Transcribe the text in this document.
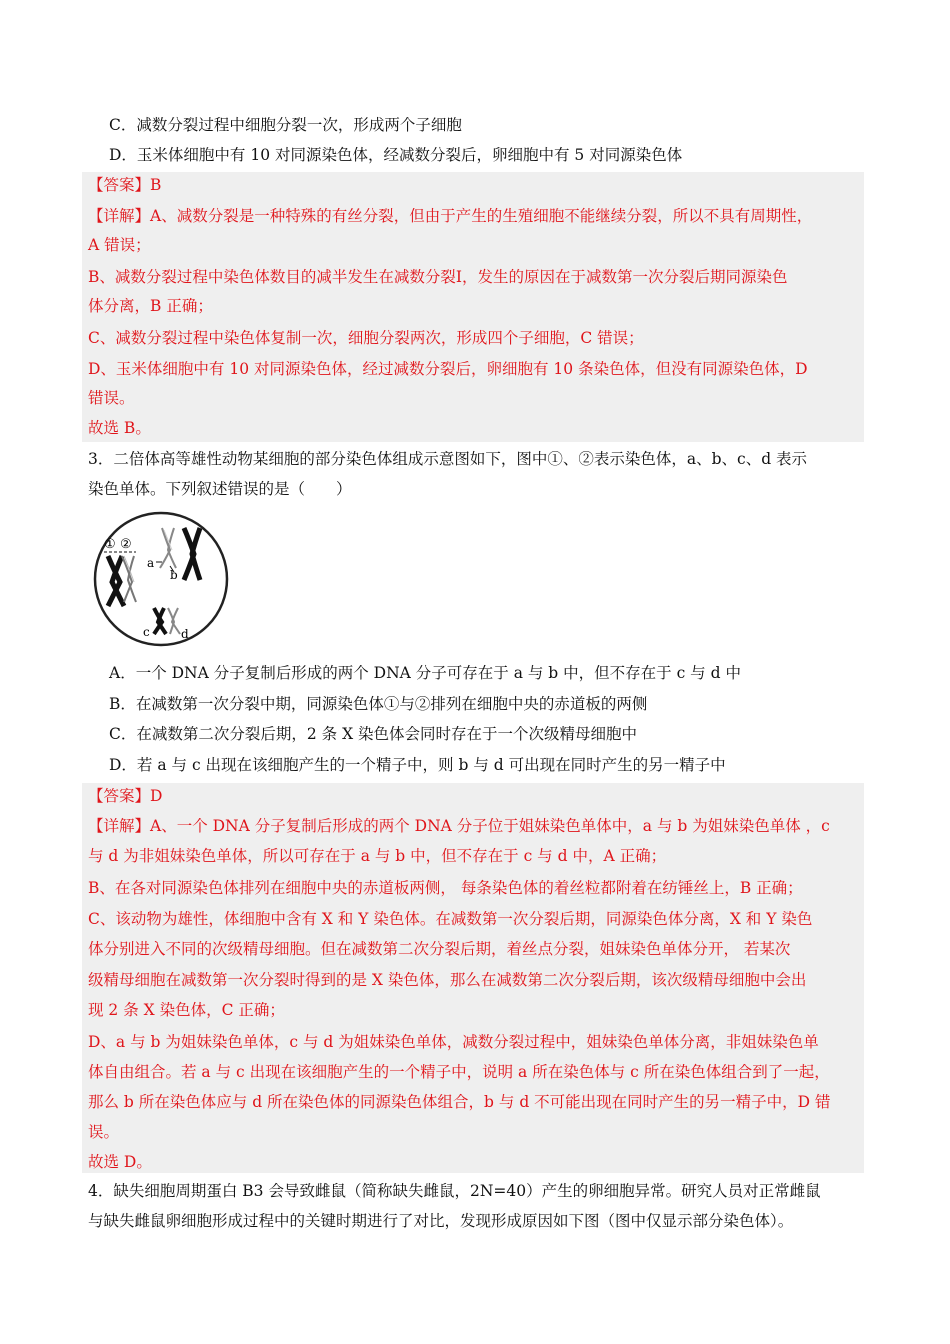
C．减数分裂过程中细胞分裂一次，形成两个子细胞
D．玉米体细胞中有 10 对同源染色体，经减数分裂后，卵细胞中有 5 对同源染色体
【答案】B
【详解】A、减数分裂是一种特殊的有丝分裂，但由于产生的生殖细胞不能继续分裂，所以不具有周期性，
A 错误；
B、减数分裂过程中染色体数目的减半发生在减数分裂Ⅰ，发生的原因在于减数第一次分裂后期同源染色
体分离，B 正确；
C、减数分裂过程中染色体复制一次，细胞分裂两次，形成四个子细胞，C 错误；
D、玉米体细胞中有 10 对同源染色体，经过减数分裂后，卵细胞有 10 条染色体，但没有同源染色体，D
错误。
故选 B。
3．二倍体高等雄性动物某细胞的部分染色体组成示意图如下，图中①、②表示染色体，a、b、c、d 表示
染色单体。下列叙述错误的是（　　）
① ②
a
b
c	d
A．一个 DNA 分子复制后形成的两个 DNA 分子可存在于 a 与 b 中，但不存在于 c 与 d 中
B．在减数第一次分裂中期，同源染色体①与②排列在细胞中央的赤道板的两侧
C．在减数第二次分裂后期，2 条 X 染色体会同时存在于一个次级精母细胞中
D．若 a 与 c 出现在该细胞产生的一个精子中，则 b 与 d 可出现在同时产生的另一精子中
【答案】D
【详解】A、一个 DNA 分子复制后形成的两个 DNA 分子位于姐妹染色单体中，a 与 b 为姐妹染色单体 ，c
与 d 为非姐妹染色单体，所以可存在于 a 与 b 中，但不存在于 c 与 d 中，A 正确；
B、在各对同源染色体排列在细胞中央的赤道板两侧， 每条染色体的着丝粒都附着在纺锤丝上，B 正确；
C、该动物为雄性，体细胞中含有 X 和 Y 染色体。在减数第一次分裂后期，同源染色体分离，X 和 Y 染色
体分别进入不同的次级精母细胞。但在减数第二次分裂后期，着丝点分裂，姐妹染色单体分开， 若某次
级精母细胞在减数第一次分裂时得到的是 X 染色体，那么在减数第二次分裂后期，该次级精母细胞中会出
现 2 条 X 染色体，C 正确；
D、a 与 b 为姐妹染色单体，c 与 d 为姐妹染色单体，减数分裂过程中，姐妹染色单体分离，非姐妹染色单
体自由组合。若 a 与 c 出现在该细胞产生的一个精子中，说明 a 所在染色体与 c 所在染色体组合到了一起，
那么 b 所在染色体应与 d 所在染色体的同源染色体组合，b 与 d 不可能出现在同时产生的另一精子中，D 错
误。
故选 D。
4．缺失细胞周期蛋白 B3 会导致雌鼠（简称缺失雌鼠，2N=40）产生的卵细胞异常。研究人员对正常雌鼠
与缺失雌鼠卵细胞形成过程中的关键时期进行了对比，发现形成原因如下图（图中仅显示部分染色体）。
